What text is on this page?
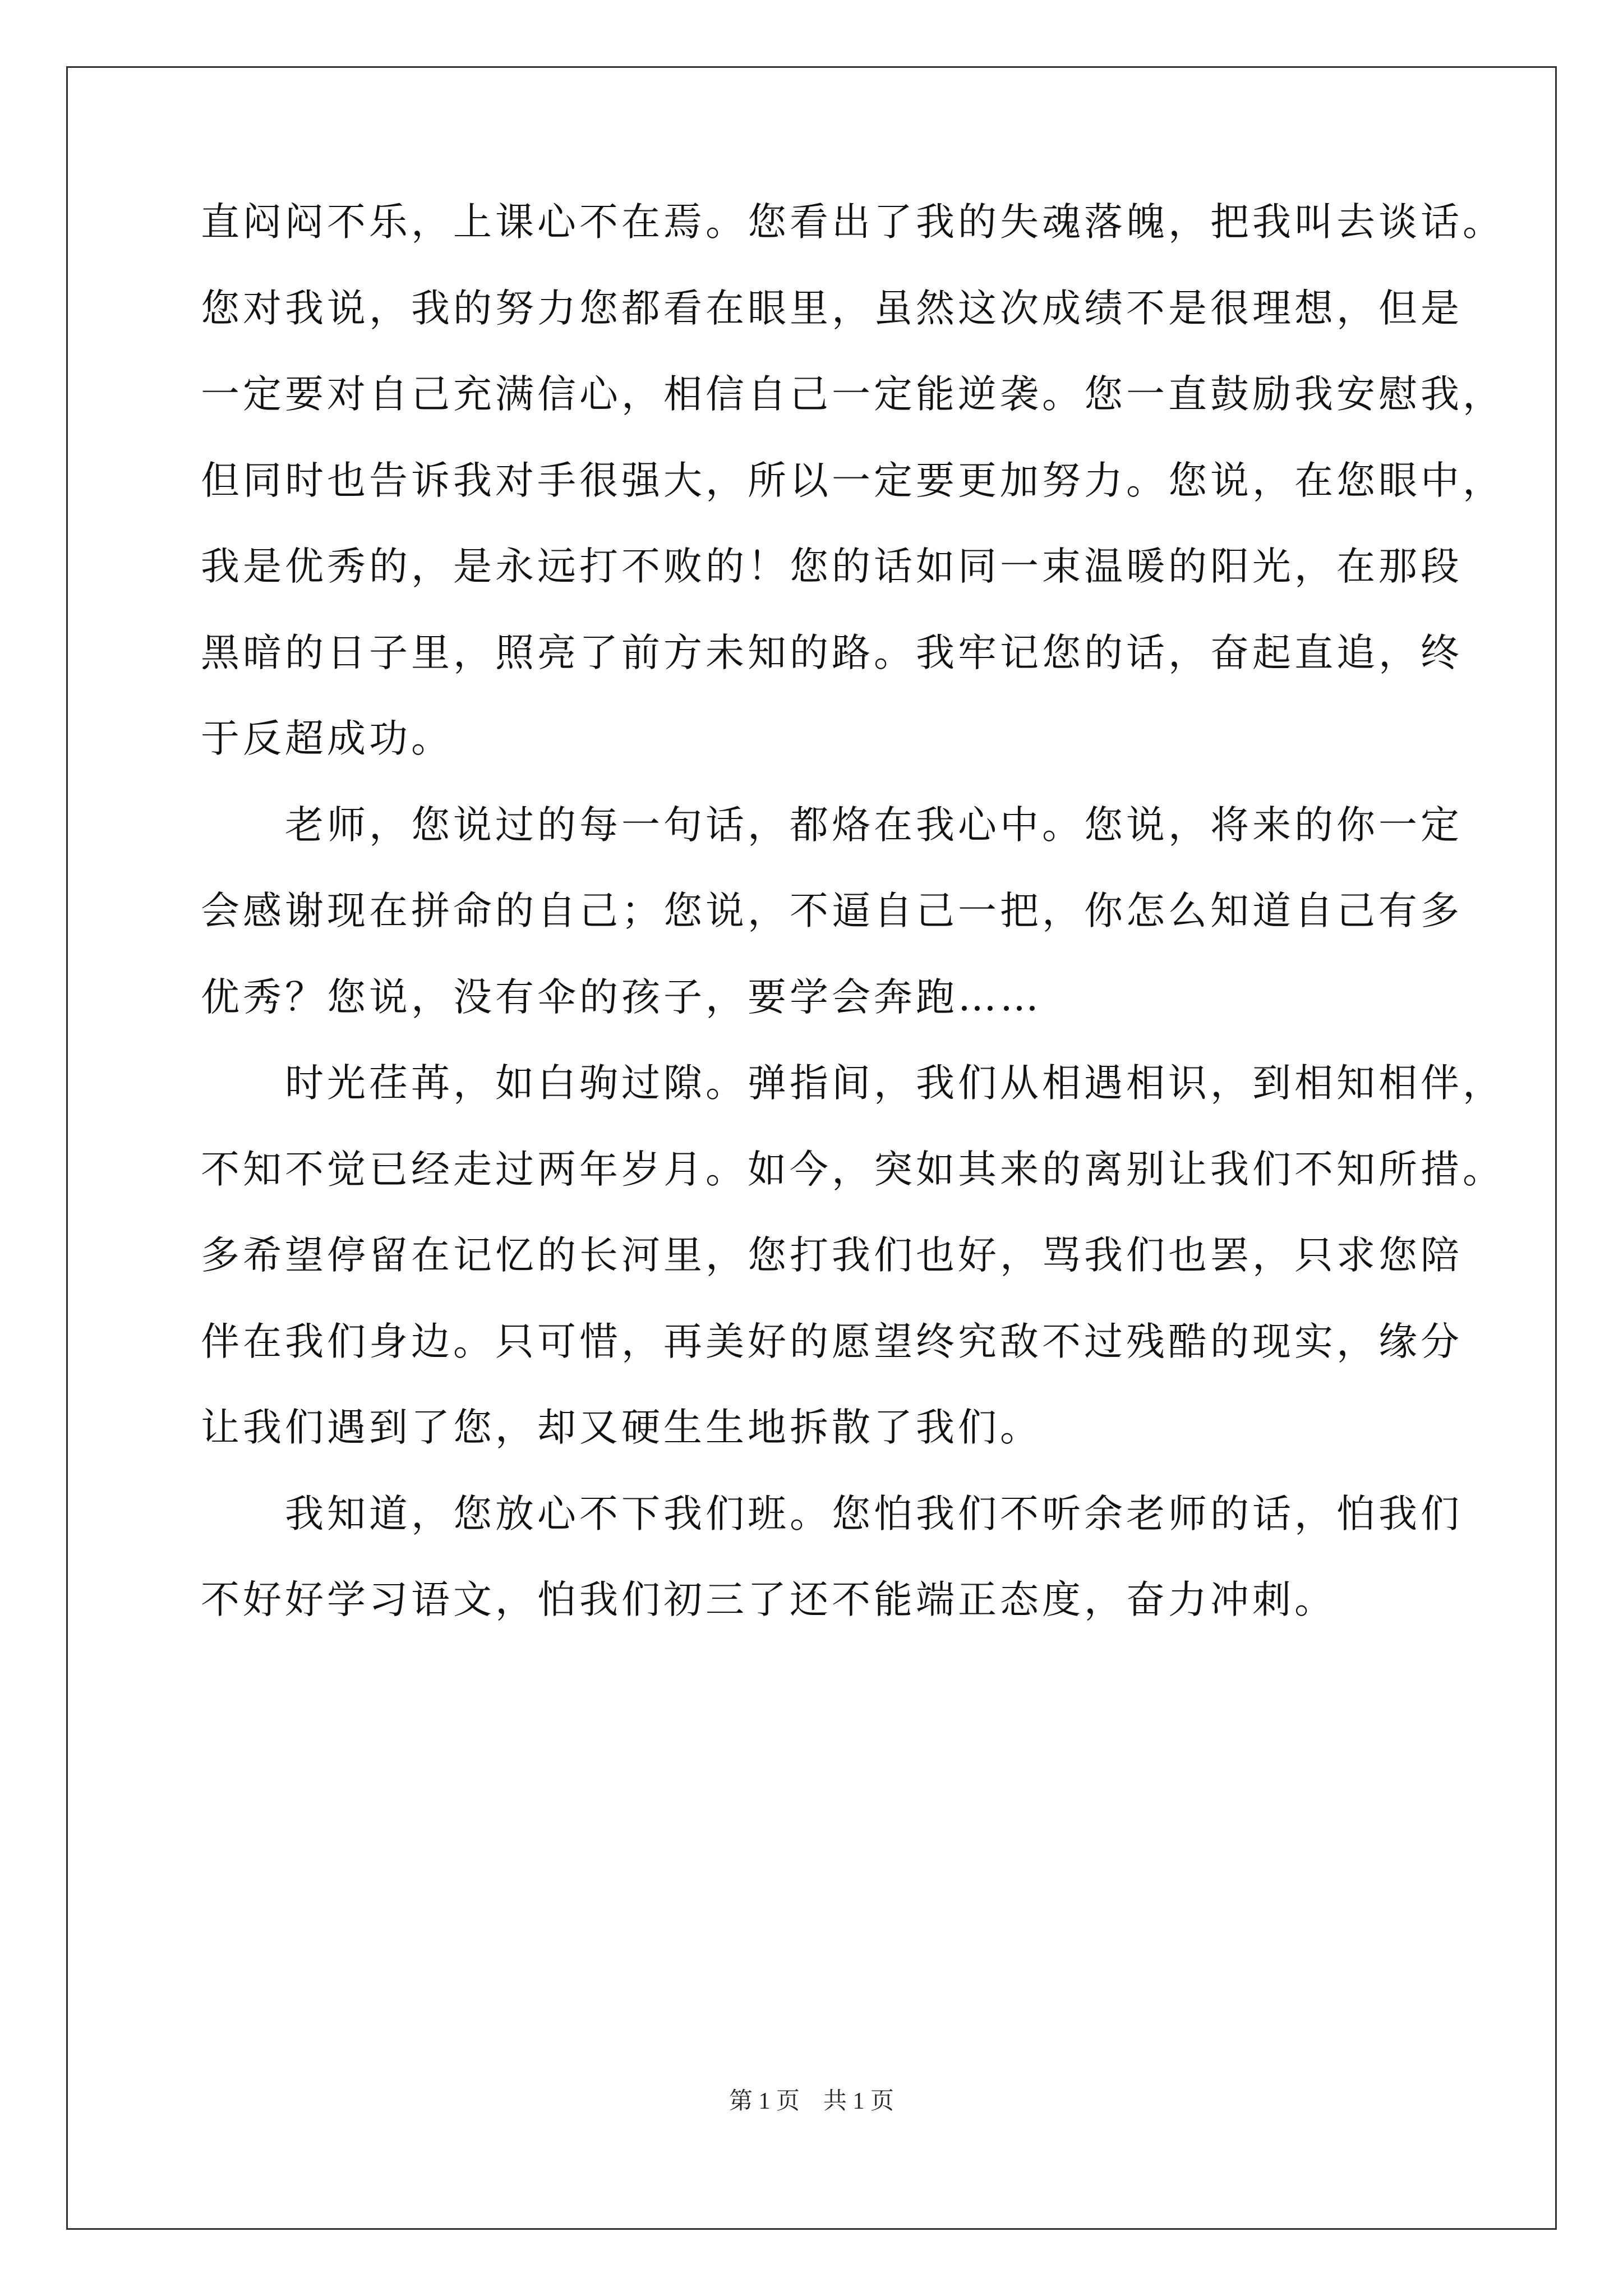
直闷闷不乐，上课心不在焉。您看出了我的失魂落魄，把我叫去谈话。
您对我说，我的努力您都看在眼里，虽然这次成绩不是很理想，但是
一定要对自己充满信心，相信自己一定能逆袭。您一直鼓励我安慰我，
但同时也告诉我对手很强大，所以一定要更加努力。您说，在您眼中，
我是优秀的，是永远打不败的！您的话如同一束温暖的阳光，在那段
黑暗的日子里，照亮了前方未知的路。我牢记您的话，奋起直追，终
于反超成功。
老师，您说过的每一句话，都烙在我心中。您说，将来的你一定
会感谢现在拼命的自己；您说，不逼自己一把，你怎么知道自己有多
优秀？您说，没有伞的孩子，要学会奔跑……
时光荏苒，如白驹过隙。弹指间，我们从相遇相识，到相知相伴，
不知不觉已经走过两年岁月。如今，突如其来的离别让我们不知所措。
多希望停留在记忆的长河里，您打我们也好，骂我们也罢，只求您陪
伴在我们身边。只可惜，再美好的愿望终究敌不过残酷的现实，缘分
让我们遇到了您，却又硬生生地拆散了我们。
我知道，您放心不下我们班。您怕我们不听余老师的话，怕我们
不好好学习语文，怕我们初三了还不能端正态度，奋力冲刺。
第 1 页    共 1 页
